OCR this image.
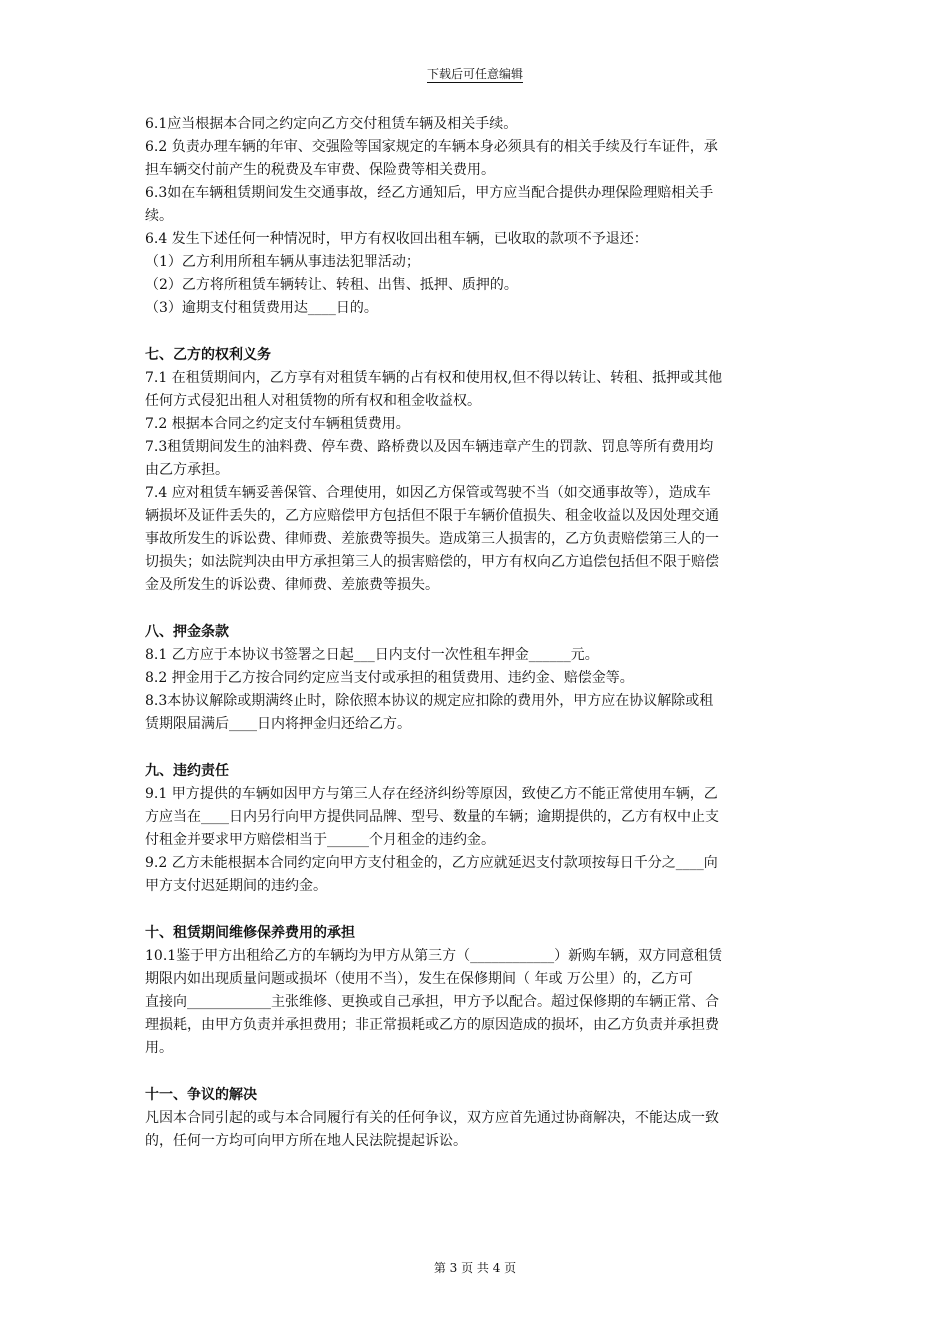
下载后可任意编辑
6.1应当根据本合同之约定向乙方交付租赁车辆及相关手续。
6.2 负责办理车辆的年审、交强险等国家规定的车辆本身必须具有的相关手续及行车证件，承
担车辆交付前产生的税费及车审费、保险费等相关费用。
6.3如在车辆租赁期间发生交通事故，经乙方通知后，甲方应当配合提供办理保险理赔相关手
续。
6.4 发生下述任何一种情况时，甲方有权收回出租车辆，已收取的款项不予退还：
（1）乙方利用所租车辆从事违法犯罪活动；
（2）乙方将所租赁车辆转让、转租、出售、抵押、质押的。
（3）逾期支付租赁费用达____日的。
七、乙方的权利义务
7.1 在租赁期间内，乙方享有对租赁车辆的占有权和使用权,但不得以转让、转租、抵押或其他
任何方式侵犯出租人对租赁物的所有权和租金收益权。
7.2 根据本合同之约定支付车辆租赁费用。
7.3租赁期间发生的油料费、停车费、路桥费以及因车辆违章产生的罚款、罚息等所有费用均
由乙方承担。
7.4 应对租赁车辆妥善保管、合理使用，如因乙方保管或驾驶不当（如交通事故等），造成车
辆损坏及证件丢失的，乙方应赔偿甲方包括但不限于车辆价值损失、租金收益以及因处理交通
事故所发生的诉讼费、律师费、差旅费等损失。造成第三人损害的，乙方负责赔偿第三人的一
切损失；如法院判决由甲方承担第三人的损害赔偿的，甲方有权向乙方追偿包括但不限于赔偿
金及所发生的诉讼费、律师费、差旅费等损失。
八、押金条款
8.1 乙方应于本协议书签署之日起___日内支付一次性租车押金______元。
8.2 押金用于乙方按合同约定应当支付或承担的租赁费用、违约金、赔偿金等。
8.3本协议解除或期满终止时，除依照本协议的规定应扣除的费用外，甲方应在协议解除或租
赁期限届满后____日内将押金归还给乙方。
九、违约责任
9.1 甲方提供的车辆如因甲方与第三人存在经济纠纷等原因，致使乙方不能正常使用车辆，乙
方应当在____日内另行向甲方提供同品牌、型号、数量的车辆；逾期提供的，乙方有权中止支
付租金并要求甲方赔偿相当于______个月租金的违约金。
9.2 乙方未能根据本合同约定向甲方支付租金的，乙方应就延迟支付款项按每日千分之____向
甲方支付迟延期间的违约金。
十、租赁期间维修保养费用的承担
10.1鉴于甲方出租给乙方的车辆均为甲方从第三方（____________）新购车辆，双方同意租赁
期限内如出现质量问题或损坏（使用不当），发生在保修期间（ 年或 万公里）的，乙方可
直接向____________主张维修、更换或自己承担，甲方予以配合。超过保修期的车辆正常、合
理损耗，由甲方负责并承担费用；非正常损耗或乙方的原因造成的损坏，由乙方负责并承担费
用。
十一、争议的解决
凡因本合同引起的或与本合同履行有关的任何争议，双方应首先通过协商解决，不能达成一致
的，任何一方均可向甲方所在地人民法院提起诉讼。
第 3 页 共 4 页
